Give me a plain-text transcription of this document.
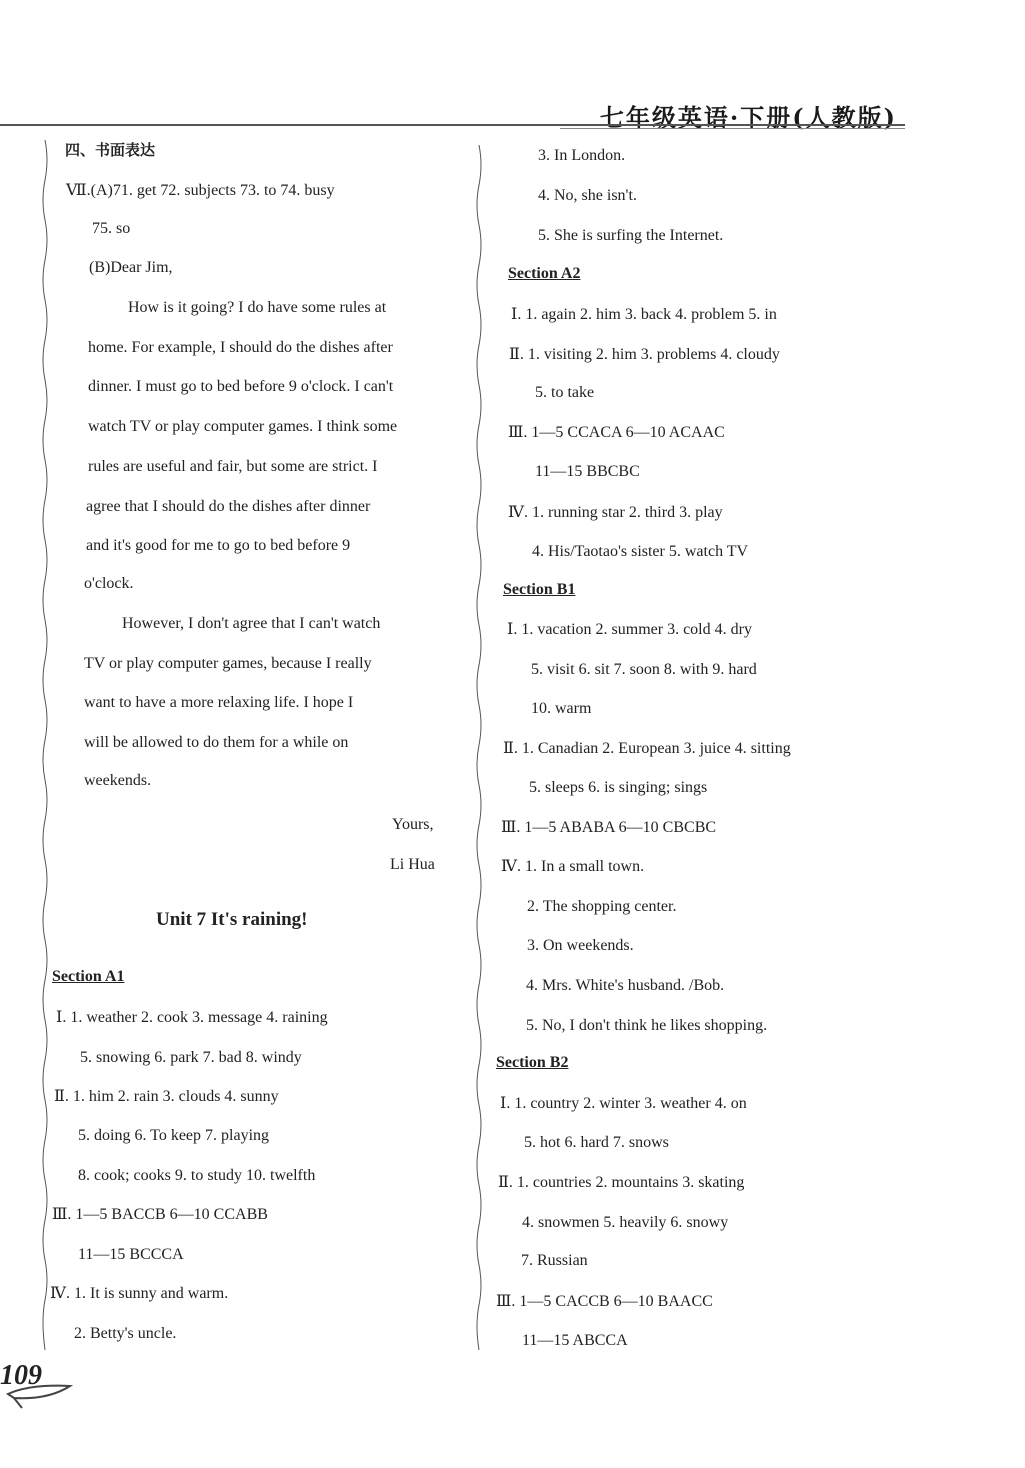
七年级英语·下册(人教版)
四、书面表达
Ⅶ.(A)71. get 72. subjects 73. to 74. busy
75. so
(B)Dear Jim,
How is it going? I do have some rules at
home. For example, I should do the dishes after
dinner. I must go to bed before 9 o'clock. I can't
watch TV or play computer games. I think some
rules are useful and fair, but some are strict. I
agree that I should do the dishes after dinner
and it's good for me to go to bed before 9
o'clock.
However, I don't agree that I can't watch
TV or play computer games, because I really
want to have a more relaxing life. I hope I
will be allowed to do them for a while on
weekends.
Yours,
Li Hua
Unit 7 It's raining!
Section A1
Ⅰ. 1. weather 2. cook 3. message 4. raining
5. snowing 6. park 7. bad 8. windy
Ⅱ. 1. him 2. rain 3. clouds 4. sunny
5. doing 6. To keep 7. playing
8. cook; cooks 9. to study 10. twelfth
Ⅲ. 1—5 BACCB 6—10 CCABB
11—15 BCCCA
Ⅳ. 1. It is sunny and warm.
2. Betty's uncle.
3. In London.
4. No, she isn't.
5. She is surfing the Internet.
Section A2
Ⅰ. 1. again 2. him 3. back 4. problem 5. in
Ⅱ. 1. visiting 2. him 3. problems 4. cloudy
5. to take
Ⅲ. 1—5 CCACA 6—10 ACAAC
11—15 BBCBC
Ⅳ. 1. running star 2. third 3. play
4. His/Taotao's sister 5. watch TV
Section B1
Ⅰ. 1. vacation 2. summer 3. cold 4. dry
5. visit 6. sit 7. soon 8. with 9. hard
10. warm
Ⅱ. 1. Canadian 2. European 3. juice 4. sitting
5. sleeps 6. is singing; sings
Ⅲ. 1—5 ABABA 6—10 CBCBC
Ⅳ. 1. In a small town.
2. The shopping center.
3. On weekends.
4. Mrs. White's husband. /Bob.
5. No, I don't think he likes shopping.
Section B2
Ⅰ. 1. country 2. winter 3. weather 4. on
5. hot 6. hard 7. snows
Ⅱ. 1. countries 2. mountains 3. skating
4. snowmen 5. heavily 6. snowy
7. Russian
Ⅲ. 1—5 CACCB 6—10 BAACC
11—15 ABCCA
109
